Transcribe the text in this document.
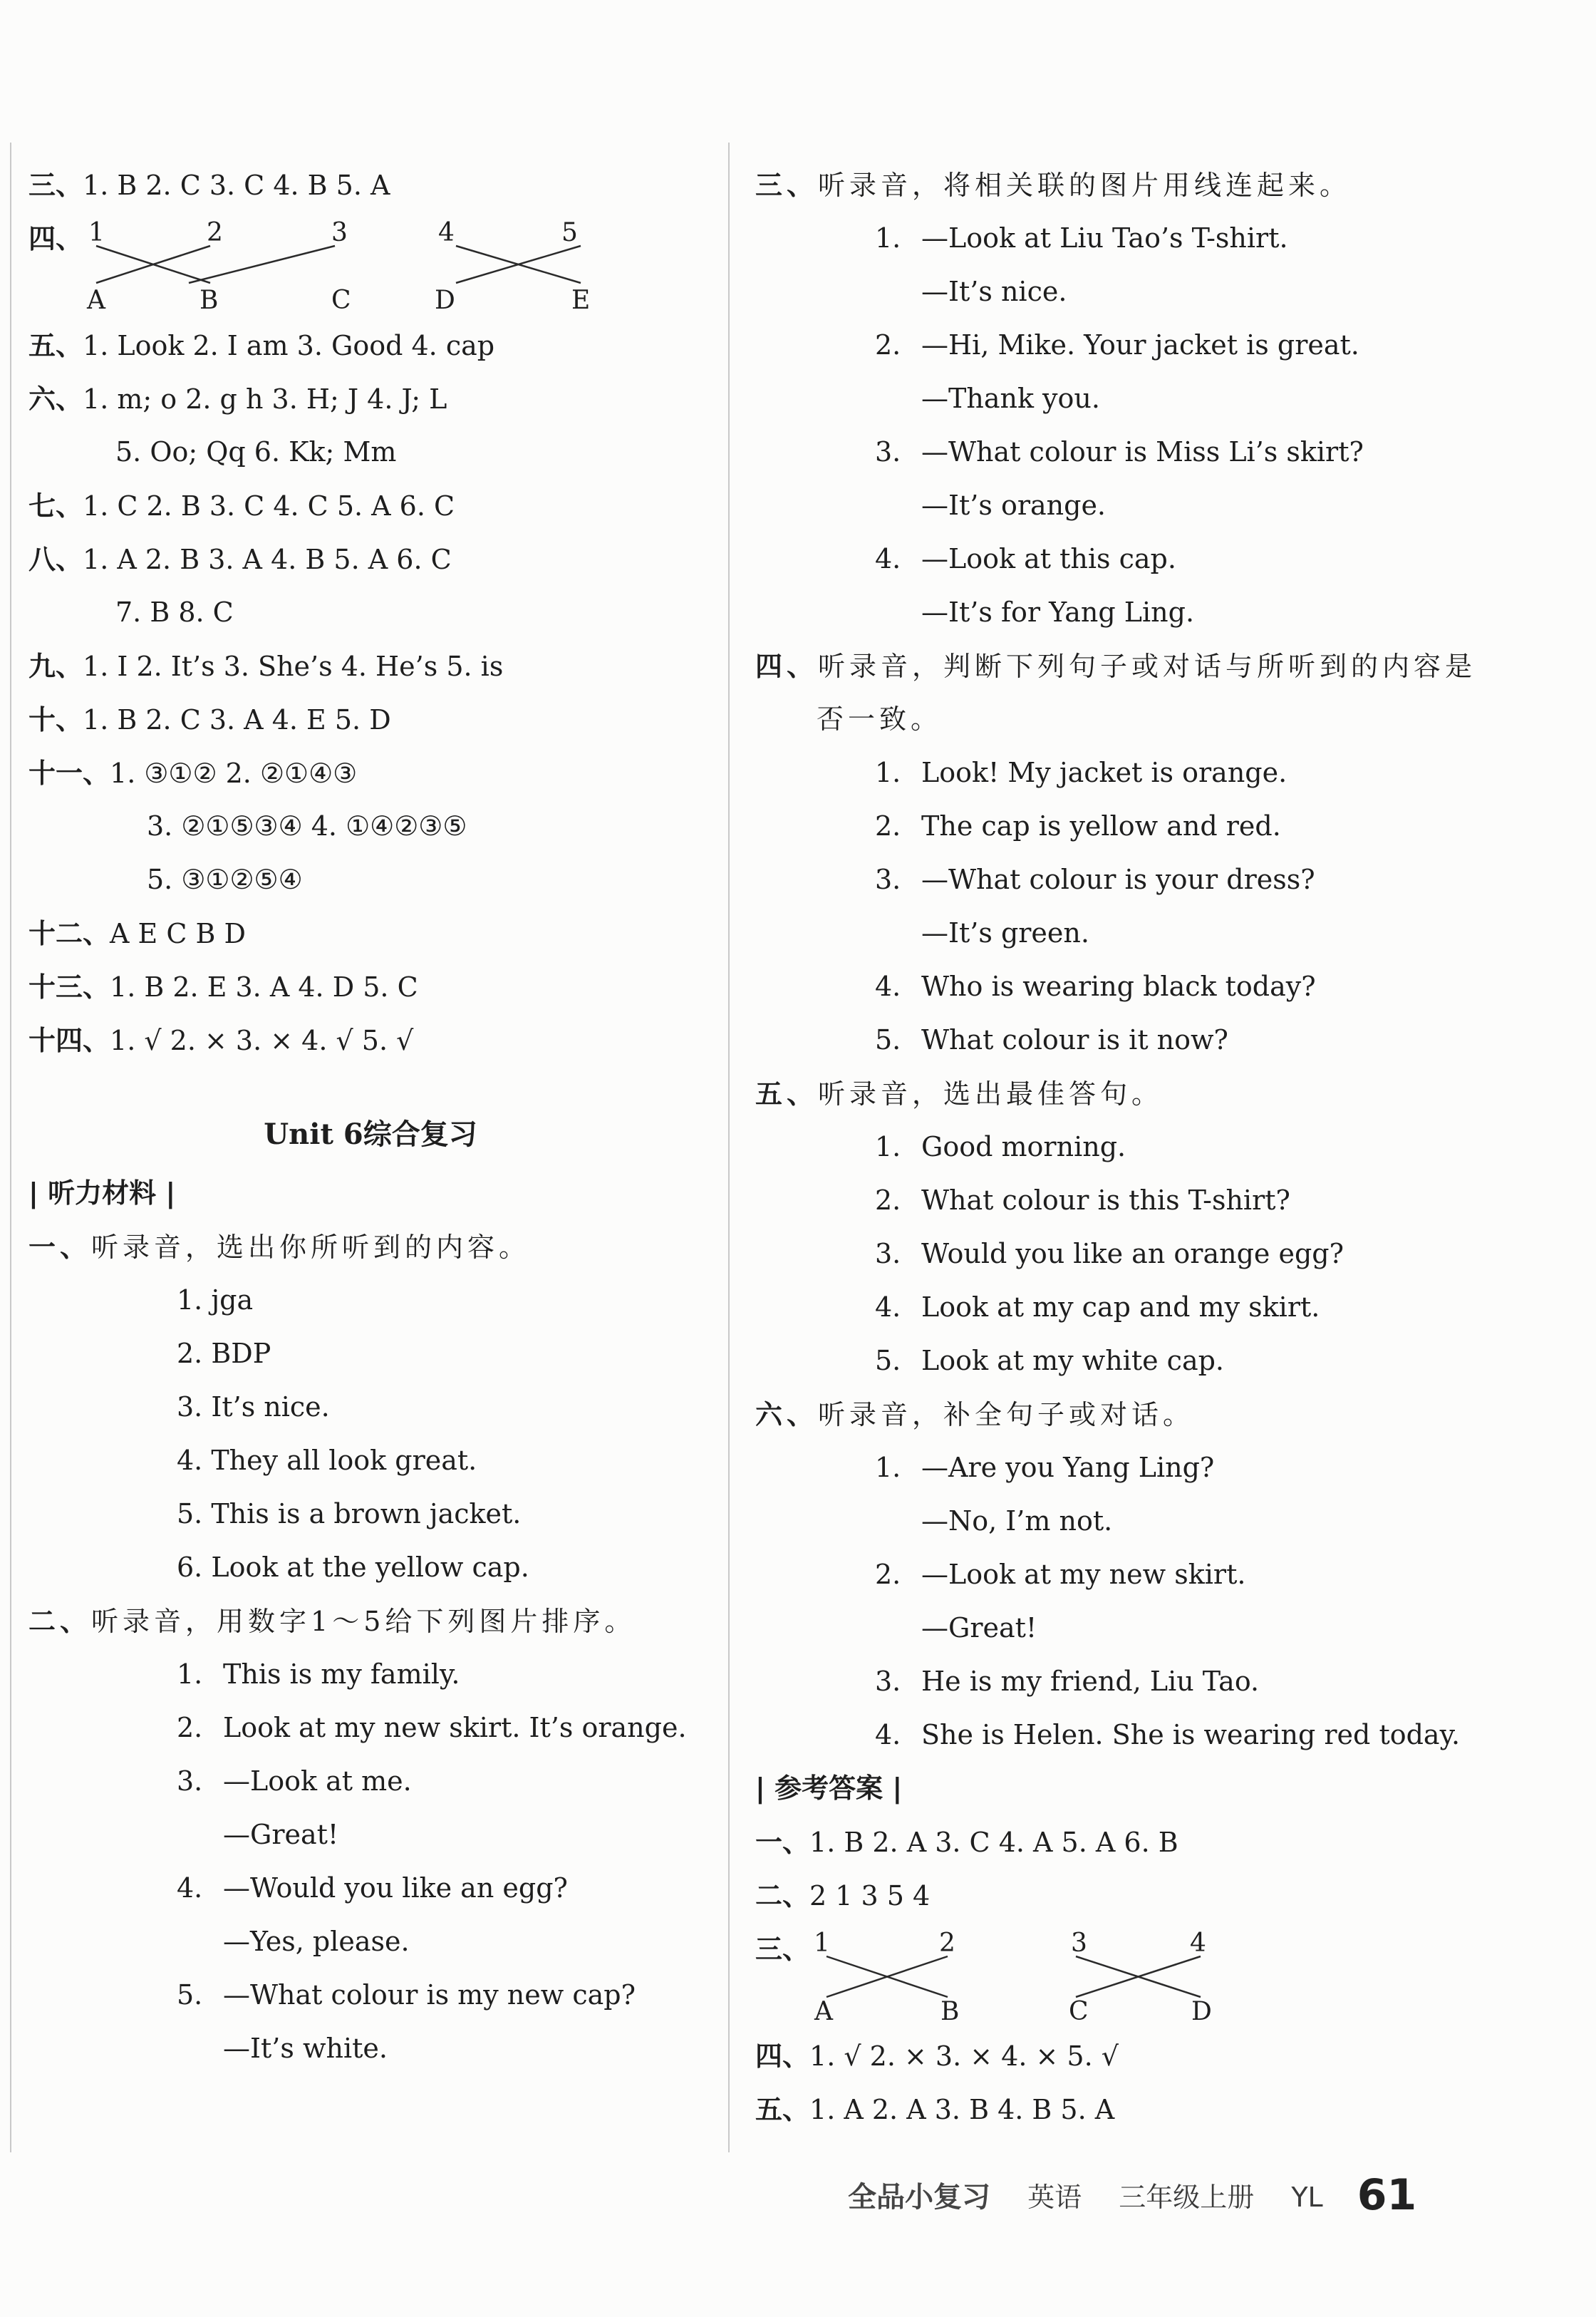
三、1. B 2. C 3. C 4. B 5. A
四、 1	2	3	4	5
A	B	C	D	E
五、1. Look 2. I am 3. Good 4. cap
六、1. m; o 2. g h 3. H; J 4. J; L
5. Oo; Qq 6. Kk; Mm
七、1. C 2. B 3. C 4. C 5. A 6. C
八、1. A 2. B 3. A 4. B 5. A 6. C
7. B 8. C
九、1. I 2. It’s 3. She’s 4. He’s 5. is
十、1. B 2. C 3. A 4. E 5. D
十一、1. ③①② 2. ②①④③
3. ②①⑤③④ 4. ①④②③⑤
5. ③①②⑤④
十二、A E C B D
十三、1. B 2. E 3. A 4. D 5. C
十四、1. √ 2. × 3. × 4. √ 5. √
Unit 6综合复习
| 听力材料 |
一、听录音，选出你所听到的内容。
1. jga
2. BDP
3. It’s nice.
4. They all look great.
5. This is a brown jacket.
6. Look at the yellow cap.
二、听录音，用数字1～5给下列图片排序。
1. This is my family.
2. Look at my new skirt. It’s orange.
3. —Look at me.
—Great!
4. —Would you like an egg?
—Yes, please.
5. —What colour is my new cap?
—It’s white.
三、听录音，将相关联的图片用线连起来。
1. —Look at Liu Tao’s T-shirt.
—It’s nice.
2. —Hi, Mike. Your jacket is great.
—Thank you.
3. —What colour is Miss Li’s skirt?
—It’s orange.
4. —Look at this cap.
—It’s for Yang Ling.
四、听录音，判断下列句子或对话与所听到的内容是
否一致。
1. Look! My jacket is orange.
2. The cap is yellow and red.
3. —What colour is your dress?
—It’s green.
4. Who is wearing black today?
5. What colour is it now?
五、听录音，选出最佳答句。
1. Good morning.
2. What colour is this T-shirt?
3. Would you like an orange egg?
4. Look at my cap and my skirt.
5. Look at my white cap.
六、听录音，补全句子或对话。
1. —Are you Yang Ling?
—No, I’m not.
2. —Look at my new skirt.
—Great!
3. He is my friend, Liu Tao.
4. She is Helen. She is wearing red today.
| 参考答案 |
一、1. B 2. A 3. C 4. A 5. A 6. B
二、2 1 3 5 4
三、 1	2	3	4
A	B	C	D
四、1. √ 2. × 3. × 4. × 5. √
五、1. A 2. A 3. B 4. B 5. A
全品小复习 英语 三年级上册 YL 61
